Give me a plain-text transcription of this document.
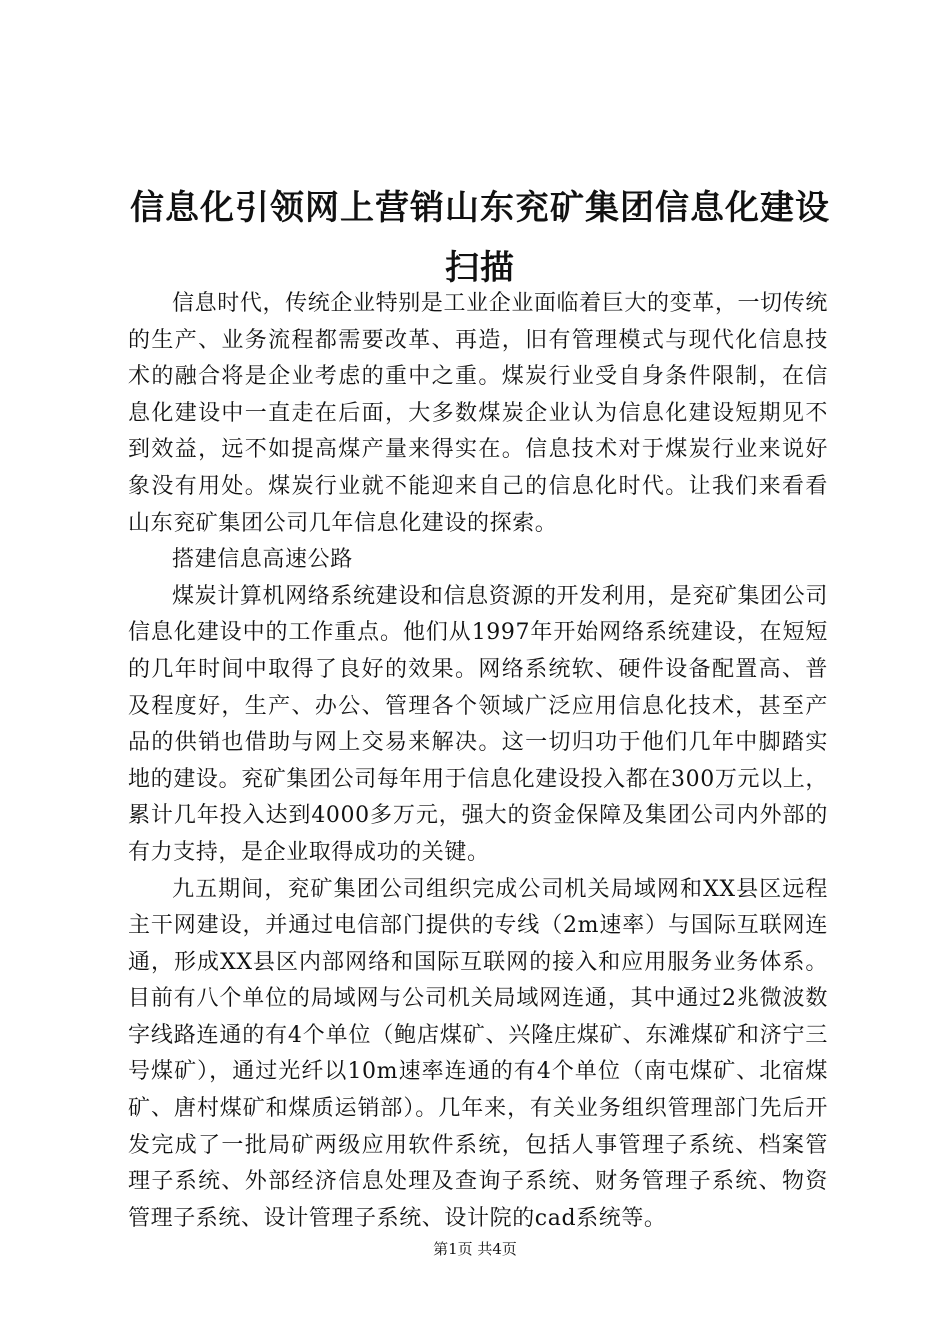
信息化引领网上营销山东兖矿集团信息化建设扫描

信息时代，传统企业特别是工业企业面临着巨大的变革，一切传统的生产、业务流程都需要改革、再造，旧有管理模式与现代化信息技术的融合将是企业考虑的重中之重。煤炭行业受自身条件限制，在信息化建设中一直走在后面，大多数煤炭企业认为信息化建设短期见不到效益，远不如提高煤产量来得实在。信息技术对于煤炭行业来说好象没有用处。煤炭行业就不能迎来自己的信息化时代。让我们来看看山东兖矿集团公司几年信息化建设的探索。

搭建信息高速公路

煤炭计算机网络系统建设和信息资源的开发利用，是兖矿集团公司信息化建设中的工作重点。他们从1997年开始网络系统建设，在短短的几年时间中取得了良好的效果。网络系统软、硬件设备配置高、普及程度好，生产、办公、管理各个领域广泛应用信息化技术，甚至产品的供销也借助与网上交易来解决。这一切归功于他们几年中脚踏实地的建设。兖矿集团公司每年用于信息化建设投入都在300万元以上，累计几年投入达到4000多万元，强大的资金保障及集团公司内外部的有力支持，是企业取得成功的关键。

九五期间，兖矿集团公司组织完成公司机关局域网和XX县区远程主干网建设，并通过电信部门提供的专线（2m速率）与国际互联网连通，形成XX县区内部网络和国际互联网的接入和应用服务业务体系。目前有八个单位的局域网与公司机关局域网连通，其中通过2兆微波数字线路连通的有4个单位（鲍店煤矿、兴隆庄煤矿、东滩煤矿和济宁三号煤矿），通过光纤以10m速率连通的有4个单位（南屯煤矿、北宿煤矿、唐村煤矿和煤质运销部）。几年来，有关业务组织管理部门先后开发完成了一批局矿两级应用软件系统，包括人事管理子系统、档案管理子系统、外部经济信息处理及查询子系统、财务管理子系统、物资管理子系统、设计管理子系统、设计院的cad系统等。

第1页 共4页
